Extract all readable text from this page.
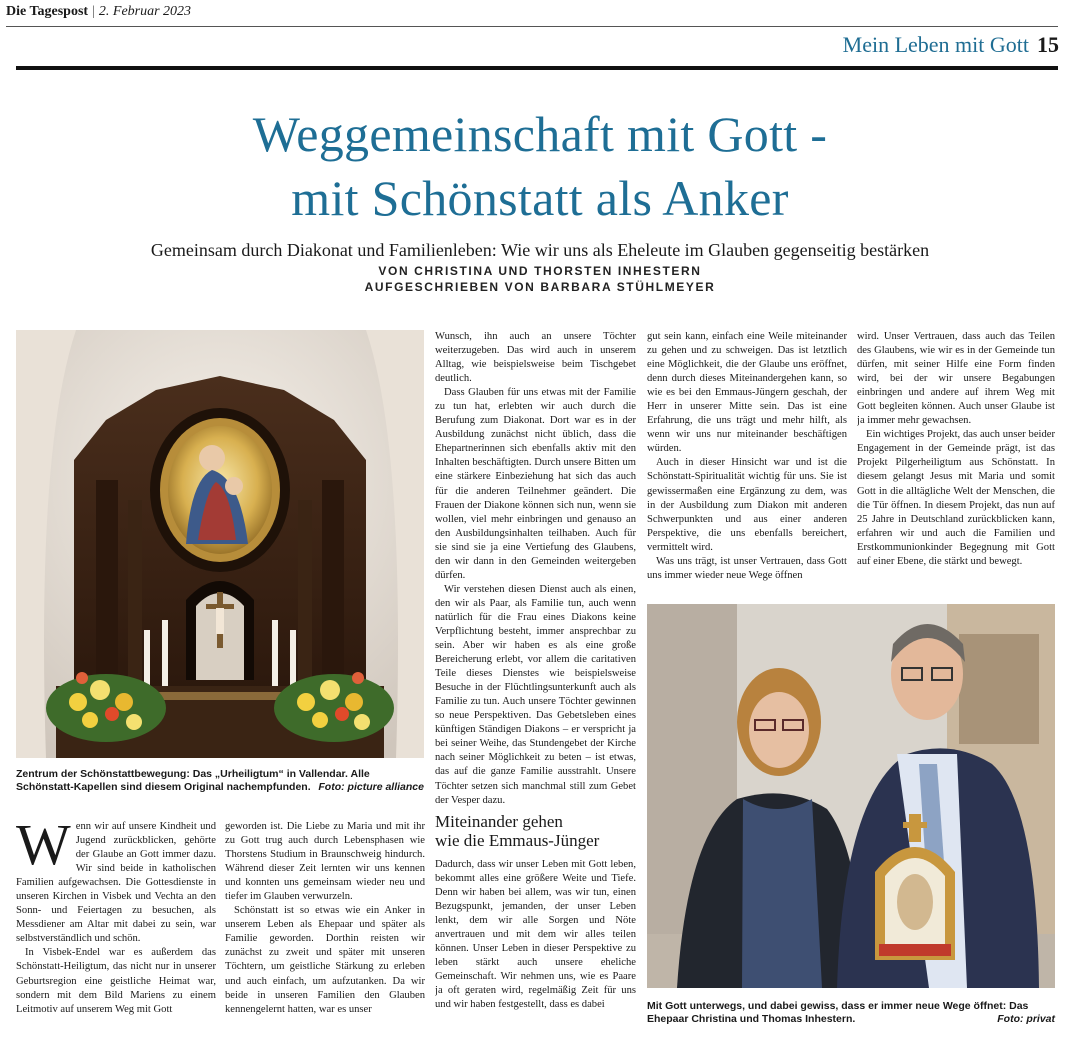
Die Tagespost | 2. Februar 2023
Mein Leben mit Gott 15
Weggemeinschaft mit Gott -
mit Schönstatt als Anker
Gemeinsam durch Diakonat und Familienleben: Wie wir uns als Eheleute im Glauben gegenseitig bestärken
VON CHRISTINA UND THORSTEN INHESTERN
AUFGESCHRIEBEN VON BARBARA STÜHLMEYER
Zentrum der Schönstattbewegung: Das „Urheiligtum“ in Vallendar. Alle Schönstatt-Kapellen sind diesem Original nachempfunden. Foto: picture alliance
Mit Gott unterwegs, und dabei gewiss, dass er immer neue Wege öffnet: Das Ehepaar Christina und Thomas Inhestern.	Foto: privat

Wenn wir auf unsere Kindheit und Jugend zurückblicken, gehörte der Glaube an Gott immer dazu. Wir sind beide in katholischen Familien aufgewachsen. Die Gottesdienste in unseren Kirchen in Visbek und Vechta an den Sonn- und Feiertagen zu besuchen, als Messdiener am Altar mit dabei zu sein, war selbstverständlich und schön.

In Visbek-Endel war es außerdem das Schönstatt-Heiligtum, das nicht nur in unserer Geburtsregion eine geistliche Heimat war, sondern mit dem Bild Mariens zu einem Leitmotiv auf unserem Weg mit Gott

geworden ist. Die Liebe zu Maria und mit ihr zu Gott trug auch durch Lebensphasen wie Thorstens Studium in Braunschweig hindurch. Während dieser Zeit lernten wir uns kennen und konnten uns gemeinsam wieder neu und tiefer im Glauben verwurzeln.

Schönstatt ist so etwas wie ein Anker in unserem Leben als Ehepaar und später als Familie geworden. Dorthin reisten wir zunächst zu zweit und später mit unseren Töchtern, um geistliche Stärkung zu erleben und auch einfach, um aufzutanken. Da wir beide in unseren Familien den Glauben kennengelernt hatten, war es unser

Wunsch, ihn auch an unsere Töchter weiterzugeben. Das wird auch in unserem Alltag, wie beispielsweise beim Tischgebet deutlich.

Dass Glauben für uns etwas mit der Familie zu tun hat, erlebten wir auch durch die Berufung zum Diakonat. Dort war es in der Ausbildung zunächst nicht üblich, dass die Ehepartnerinnen sich ebenfalls aktiv mit den Inhalten beschäftigten. Durch unsere Bitten um eine stärkere Einbeziehung hat sich das auch für die anderen Teilnehmer geändert. Die Frauen der Diakone können sich nun, wenn sie wollen, viel mehr einbringen und genauso an den Ausbildungsinhalten teilhaben. Auch für sie sind sie ja eine Vertiefung des Glaubens, den wir dann in den Gemeinden weitergeben dürfen.

Wir verstehen diesen Dienst auch als einen, den wir als Paar, als Familie tun, auch wenn natürlich für die Frau eines Diakons keine Verpflichtung besteht, immer ansprechbar zu sein. Aber wir haben es als eine große Bereicherung erlebt, vor allem die caritativen Teile dieses Dienstes wie beispielsweise Besuche in der Flüchtlingsunterkunft auch als Familie zu tun. Auch unsere Töchter gewinnen so neue Perspektiven. Das Gebetsleben eines künftigen Ständigen Diakons – er verspricht ja bei seiner Weihe, das Stundengebet der Kirche nach seiner Möglichkeit zu beten – ist etwas, das auf die ganze Familie ausstrahlt. Unsere Töchter setzen sich manchmal still zum Gebet der Vesper dazu.

Miteinander gehen
wie die Emmaus-Jünger

Dadurch, dass wir unser Leben mit Gott leben, bekommt alles eine größere Weite und Tiefe. Denn wir haben bei allem, was wir tun, einen Bezugspunkt, jemanden, der unser Leben lenkt, dem wir alle Sorgen und Nöte anvertrauen und mit dem wir alles teilen können. Unser Leben in dieser Perspektive zu leben stärkt auch unsere eheliche Gemeinschaft. Wir nehmen uns, wie es Paare ja oft geraten wird, regelmäßig Zeit für uns und wir haben festgestellt, dass es dabei

gut sein kann, einfach eine Weile miteinander zu gehen und zu schweigen. Das ist letztlich eine Möglichkeit, die der Glaube uns eröffnet, denn durch dieses Miteinandergehen kann, so wie es bei den Emmaus-Jüngern geschah, der Herr in unserer Mitte sein. Das ist eine Erfahrung, die uns trägt und mehr hilft, als wenn wir uns nur miteinander beschäftigen würden.

Auch in dieser Hinsicht war und ist die Schönstatt-Spiritualität wichtig für uns. Sie ist gewissermaßen eine Ergänzung zu dem, was in der Ausbildung zum Diakon mit anderen Schwerpunkten und aus einer anderen Perspektive, die uns ebenfalls bereichert, vermittelt wird.

Was uns trägt, ist unser Vertrauen, dass Gott uns immer wieder neue Wege öffnen

wird. Unser Vertrauen, dass auch das Teilen des Glaubens, wie wir es in der Gemeinde tun dürfen, mit seiner Hilfe eine Form finden wird, bei der wir unsere Begabungen einbringen und andere auf ihrem Weg mit Gott begleiten können. Auch unser Glaube ist ja immer mehr gewachsen.

Ein wichtiges Projekt, das auch unser beider Engagement in der Gemeinde prägt, ist das Projekt Pilgerheiligtum aus Schönstatt. In diesem gelangt Jesus mit Maria und somit Gott in die alltägliche Welt der Menschen, die die Tür öffnen. In diesem Projekt, das nun auf 25 Jahre in Deutschland zurückblicken kann, erfahren wir und auch die Familien und Erstkommunionkinder Begegnung mit Gott auf einer Ebene, die stärkt und bewegt.
